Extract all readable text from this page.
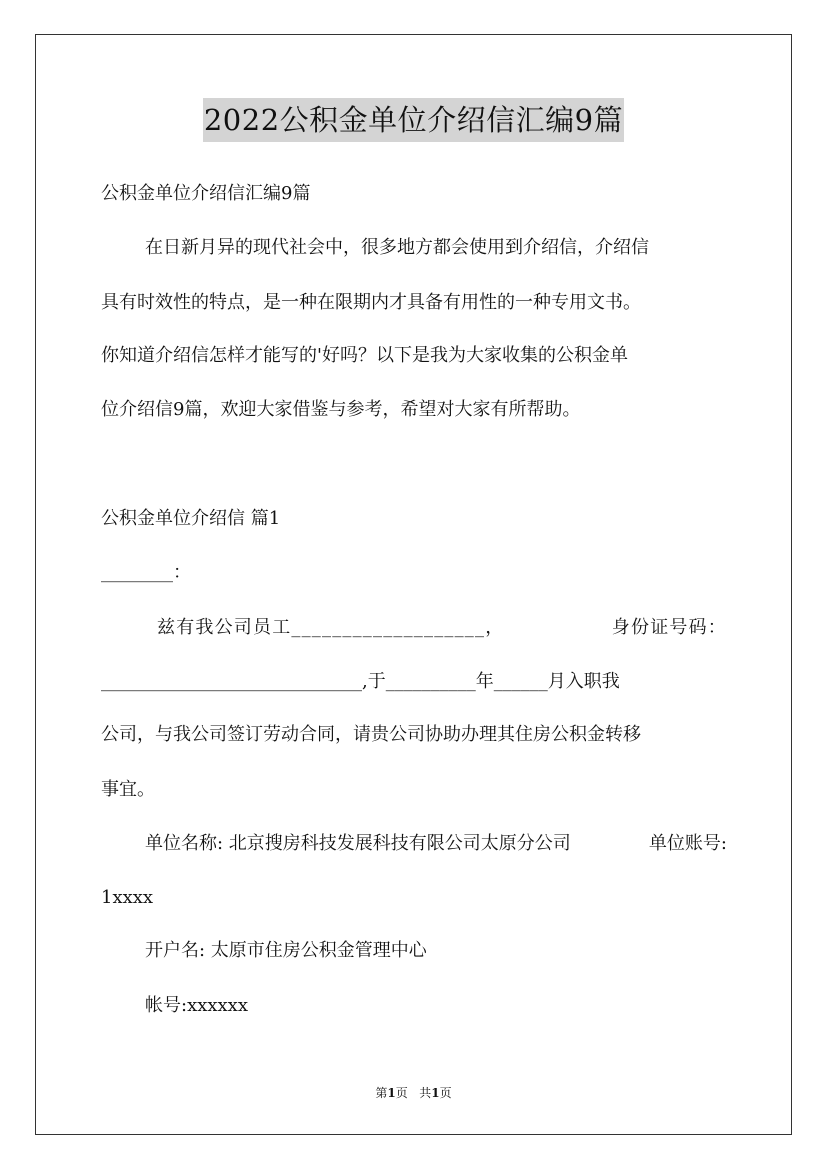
2022公积金单位介绍信汇编9篇
公积金单位介绍信汇编9篇
在日新月异的现代社会中，很多地方都会使用到介绍信，介绍信
具有时效性的特点，是一种在限期内才具备有用性的一种专用文书。
你知道介绍信怎样才能写的'好吗？以下是我为大家收集的公积金单
位介绍信9篇，欢迎大家借鉴与参考，希望对大家有所帮助。
公积金单位介绍信 篇1
________：
兹有我公司员工___________________，	身份证号码：
_____________________________,于__________年______月入职我
公司，与我公司签订劳动合同，请贵公司协助办理其住房公积金转移
事宜。
单位名称: 北京搜房科技发展科技有限公司太原分公司	单位账号:
1xxxx
开户名: 太原市住房公积金管理中心
帐号:xxxxxx
第1页 共1页
